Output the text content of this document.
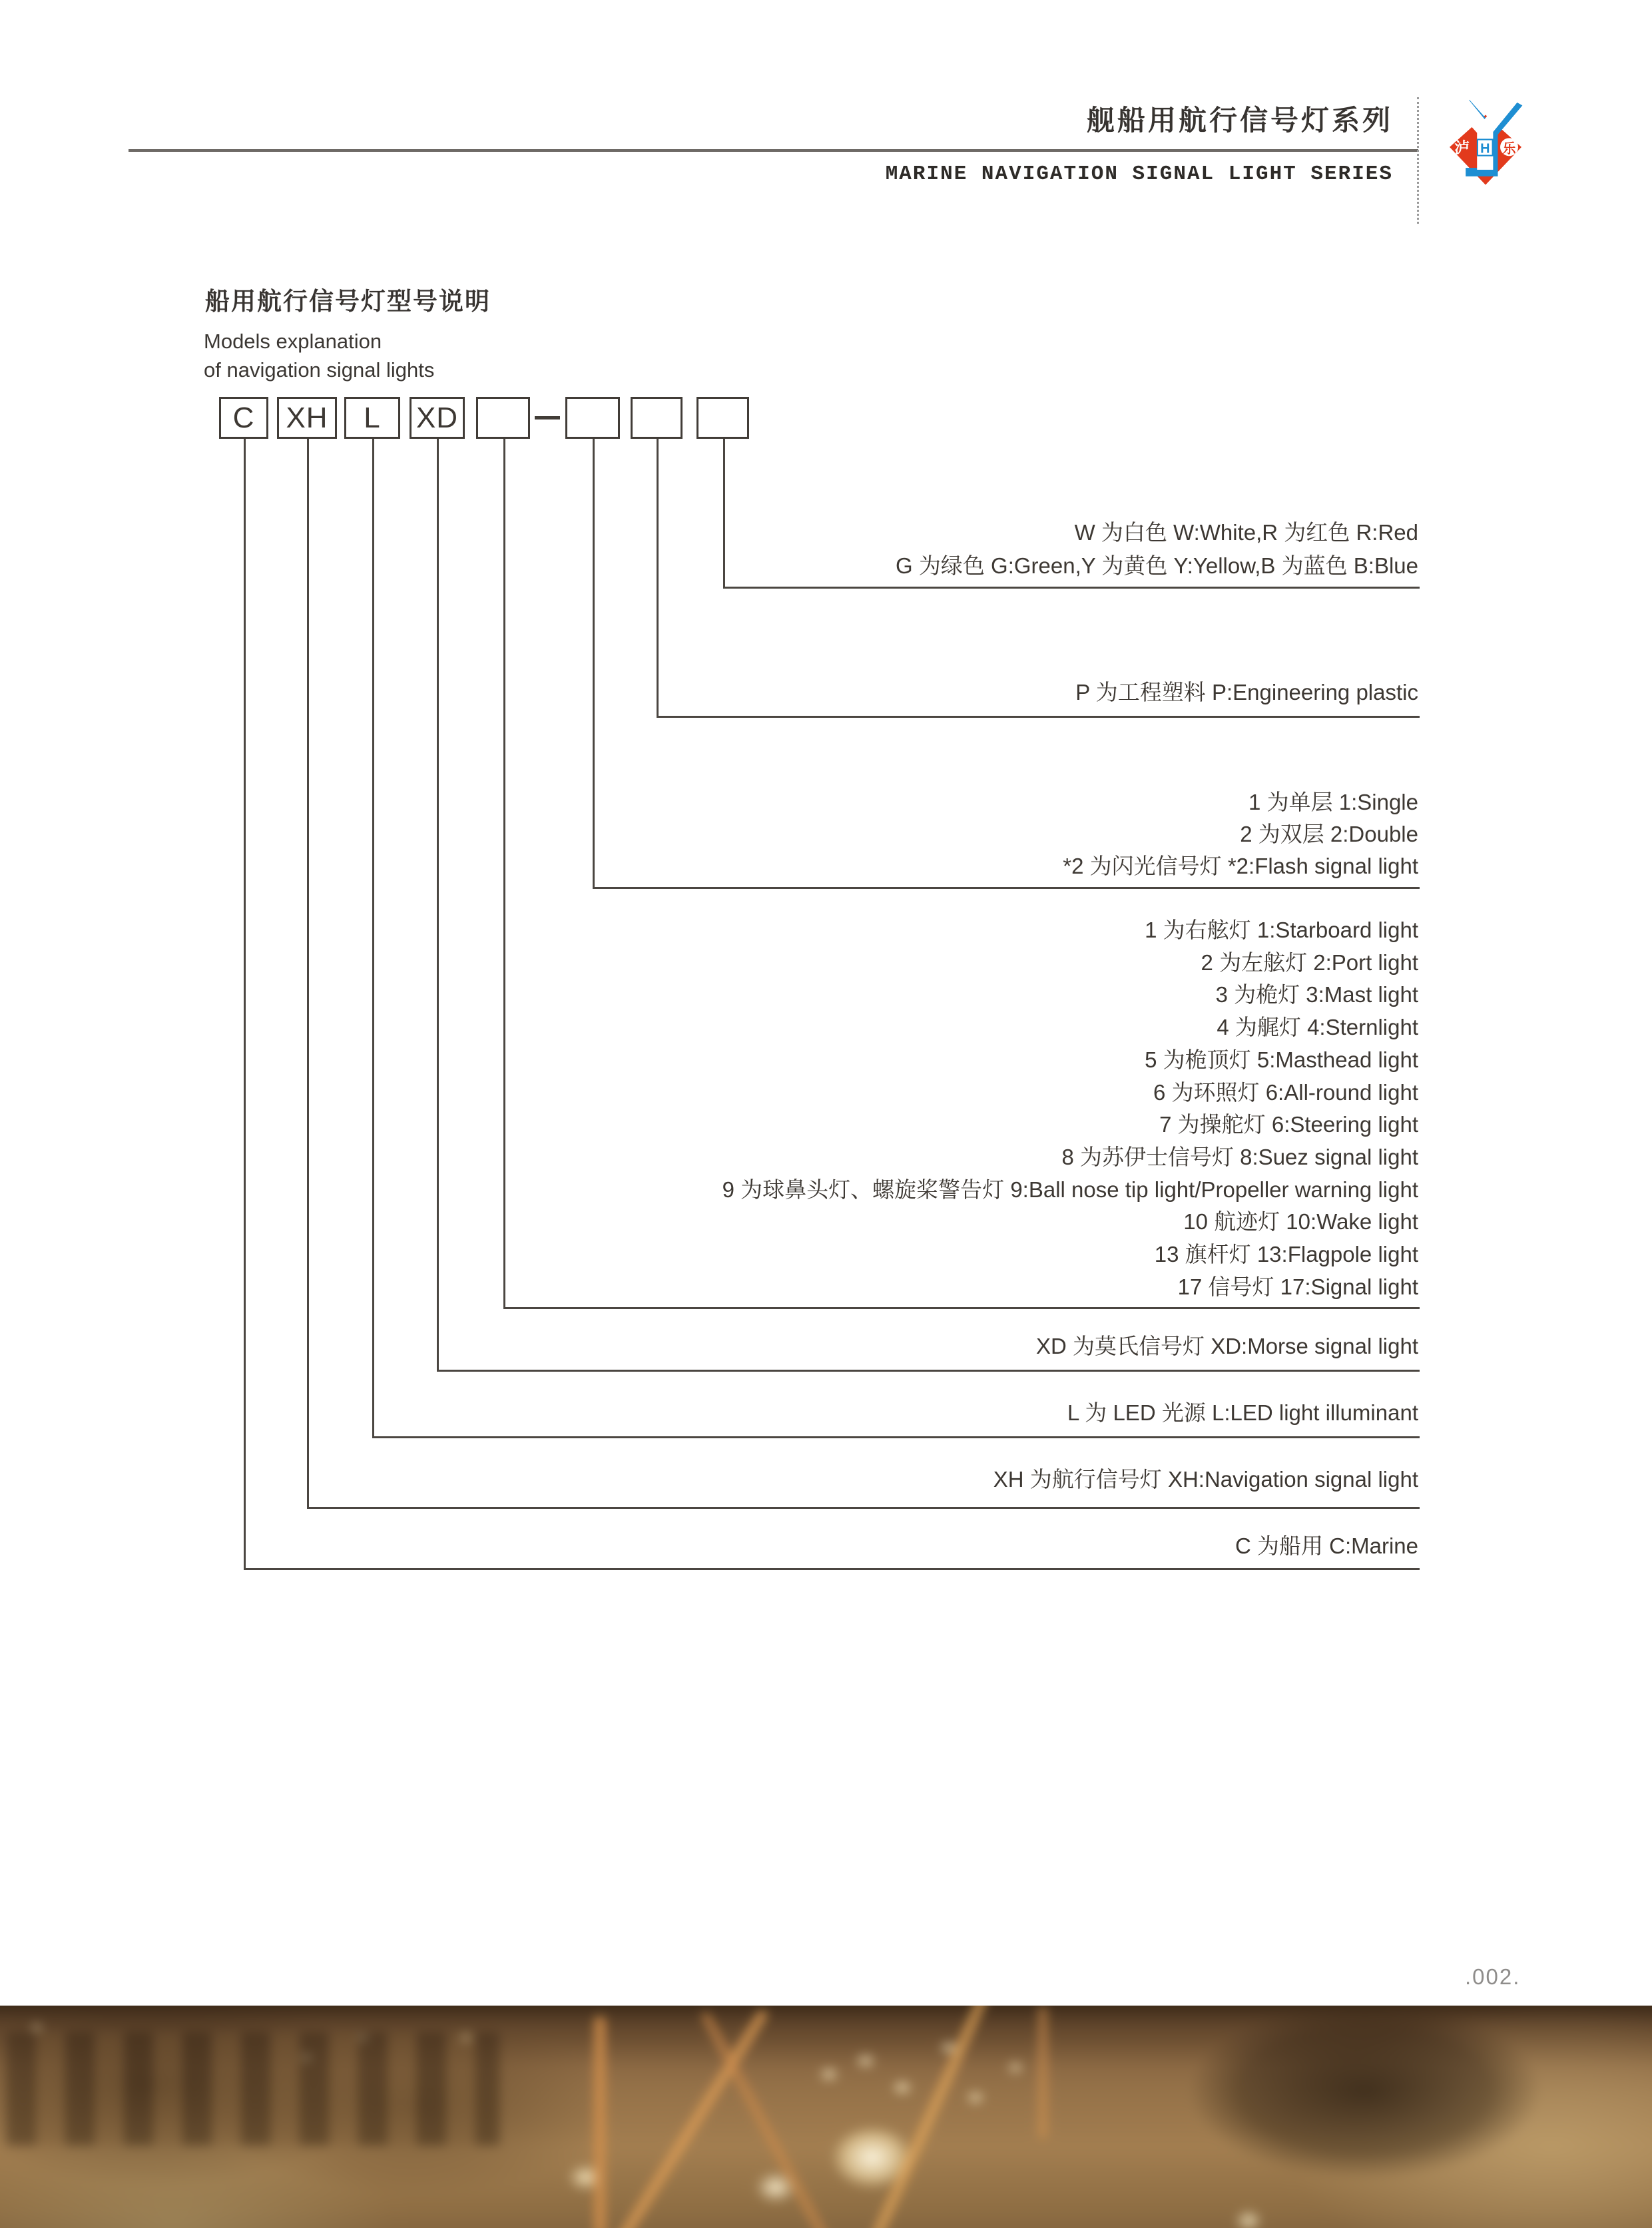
舰船用航行信号灯系列
MARINE NAVIGATION SIGNAL LIGHT SERIES
泸 H 乐
船用航行信号灯型号说明
Models explanation
of navigation signal lights
C	XH	L	XD
W 为白色 W:White,R 为红色 R:Red
G 为绿色 G:Green,Y 为黄色 Y:Yellow,B 为蓝色 B:Blue
P 为工程塑料 P:Engineering plastic
1 为单层 1:Single
2 为双层 2:Double
*2 为闪光信号灯 *2:Flash signal light
1 为右舷灯 1:Starboard light
2 为左舷灯 2:Port light
3 为桅灯 3:Mast light
4 为艉灯 4:Sternlight
5 为桅顶灯 5:Masthead light
6 为环照灯 6:All-round light
7 为操舵灯 6:Steering light
8 为苏伊士信号灯 8:Suez signal light
9 为球鼻头灯、螺旋桨警告灯 9:Ball nose tip light/Propeller warning light
10 航迹灯 10:Wake light
13 旗杆灯 13:Flagpole light
17 信号灯 17:Signal light
XD 为莫氏信号灯 XD:Morse signal light
L 为 LED 光源 L:LED light illuminant
XH 为航行信号灯 XH:Navigation signal light
C 为船用 C:Marine
.002.
